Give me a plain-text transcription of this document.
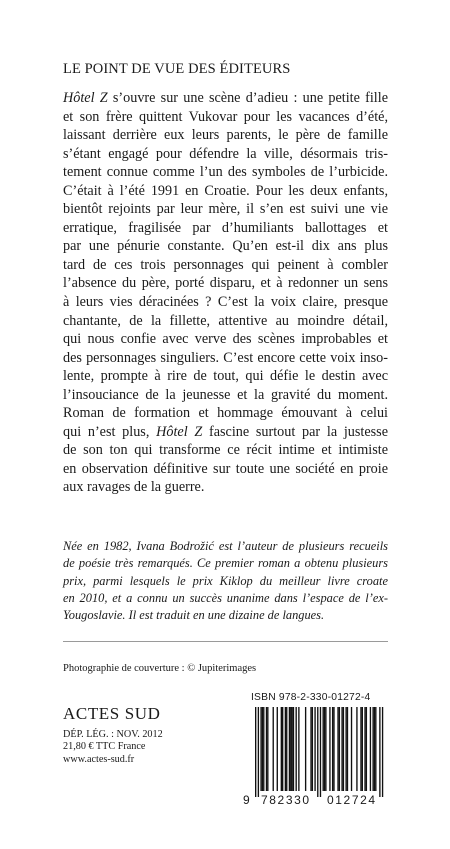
LE POINT DE VUE DES ÉDITEURS
Hôtel Z s’ouvre sur une scène d’adieu : une petite fille
et son frère quittent Vukovar pour les vacances d’été,
laissant derrière eux leurs parents, le père de famille
s’étant engagé pour défendre la ville, désormais tris-
tement connue comme l’un des symboles de l’urbicide.
C’était à l’été 1991 en Croatie. Pour les deux enfants,
bientôt rejoints par leur mère, il s’en est suivi une vie
erratique, fragilisée par d’humiliants ballottages et
par une pénurie constante. Qu’en est-il dix ans plus
tard de ces trois personnages qui peinent à combler
l’absence du père, porté disparu, et à redonner un sens
à leurs vies déracinées ? C’est la voix claire, presque
chantante, de la fillette, attentive au moindre détail,
qui nous confie avec verve des scènes improbables et
des personnages singuliers. C’est encore cette voix inso-
lente, prompte à rire de tout, qui défie le destin avec
l’insouciance de la jeunesse et la gravité du moment.
Roman de formation et hommage émouvant à celui
qui n’est plus, Hôtel Z fascine surtout par la justesse
de son ton qui transforme ce récit intime et intimiste
en observation définitive sur toute une société en proie
aux ravages de la guerre.
Née en 1982, Ivana Bodrožić est l’auteur de plusieurs recueils
de poésie très remarqués. Ce premier roman a obtenu plusieurs
prix, parmi lesquels le prix Kiklop du meilleur livre croate
en 2010, et a connu un succès unanime dans l’espace de l’ex-
Yougoslavie. Il est traduit en une dizaine de langues.
Photographie de couverture : © Jupiterimages
ACTES SUD
DÉP. LÉG. : NOV. 2012
21,80 € TTC France
www.actes-sud.fr
ISBN 978-2-330-01272-4
9 782330 012724
